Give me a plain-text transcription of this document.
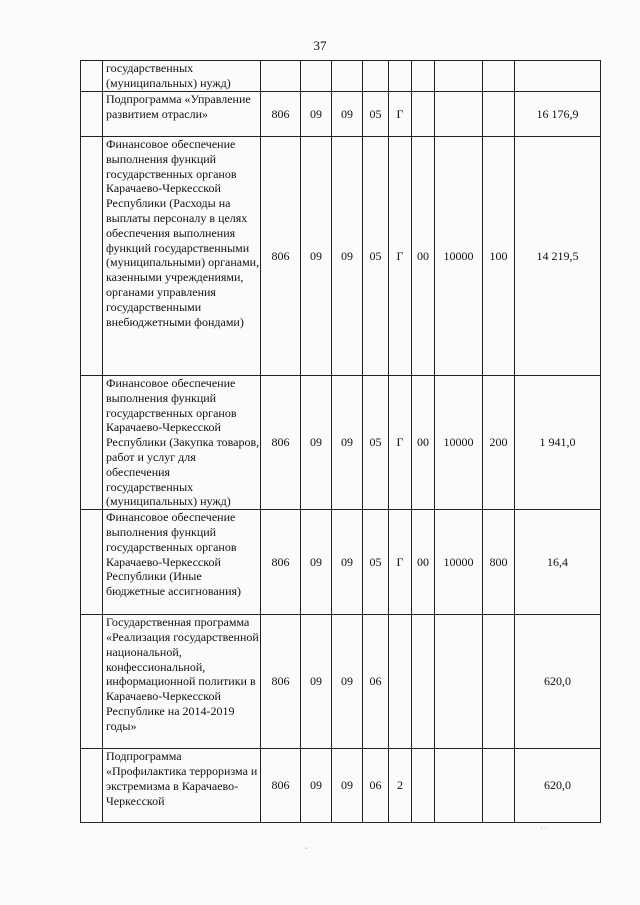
37
	государственных (муниципальных) нужд)									
	Подпрограмма «Управление развитием отрасли»	806	09	09	05	Г				16 176,9
	Финансовое обеспечение выполнения функций государственных органов Карачаево-Черкесской Республики (Расходы на выплаты персоналу в целях обеспечения выполнения функций государственными (муниципальными) органами, казенными учреждениями, органами управления государственными внебюджетными фондами)	806	09	09	05	Г	00	10000	100	14 219,5
	Финансовое обеспечение выполнения функций государственных органов Карачаево-Черкесской Республики (Закупка товаров, работ и услуг для обеспечения государственных (муниципальных) нужд)	806	09	09	05	Г	00	10000	200	1 941,0
	Финансовое обеспечение выполнения функций государственных органов Карачаево-Черкесской Республики (Иные бюджетные ассигнования)	806	09	09	05	Г	00	10000	800	16,4
	Государственная программа «Реализация государственной национальной, конфессиональной, информационной политики в Карачаево-Черкесской Республике на 2014-2019 годы»	806	09	09	06					620,0
	Подпрограмма «Профилактика терроризма и экстремизма в Карачаево-Черкесской	806	09	09	06	2				620,0
˘
˙ ˙
